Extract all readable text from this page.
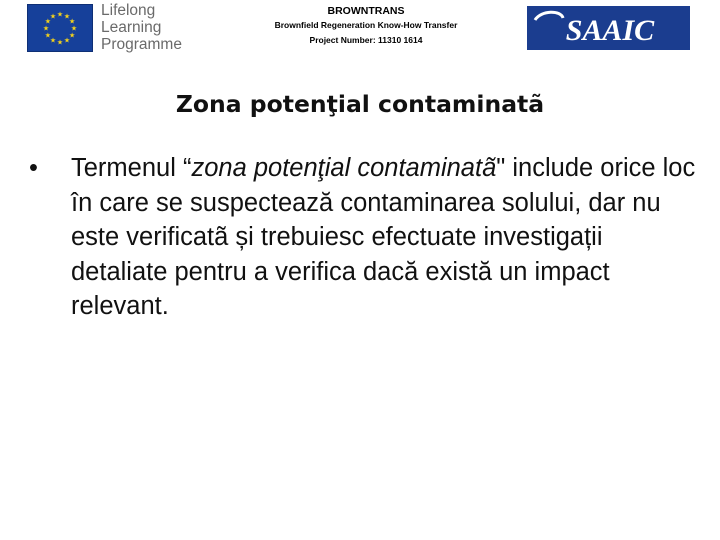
★ ★
★
★
★
★
★
★
★
★
★
★	Lifelong
Learning
Programme
BROWNTRANS
Brownfield Regeneration Know-How Transfer
Project Number: 11310 1614	SAAIC
Zona potenţial contaminatã
• Termenul “zona potenţial contaminatã" include orice loc în care se suspectează contaminarea solului, dar nu este verificatã și trebuiesc efectuate investigații detaliate pentru a verifica dacă există un impact relevant.
